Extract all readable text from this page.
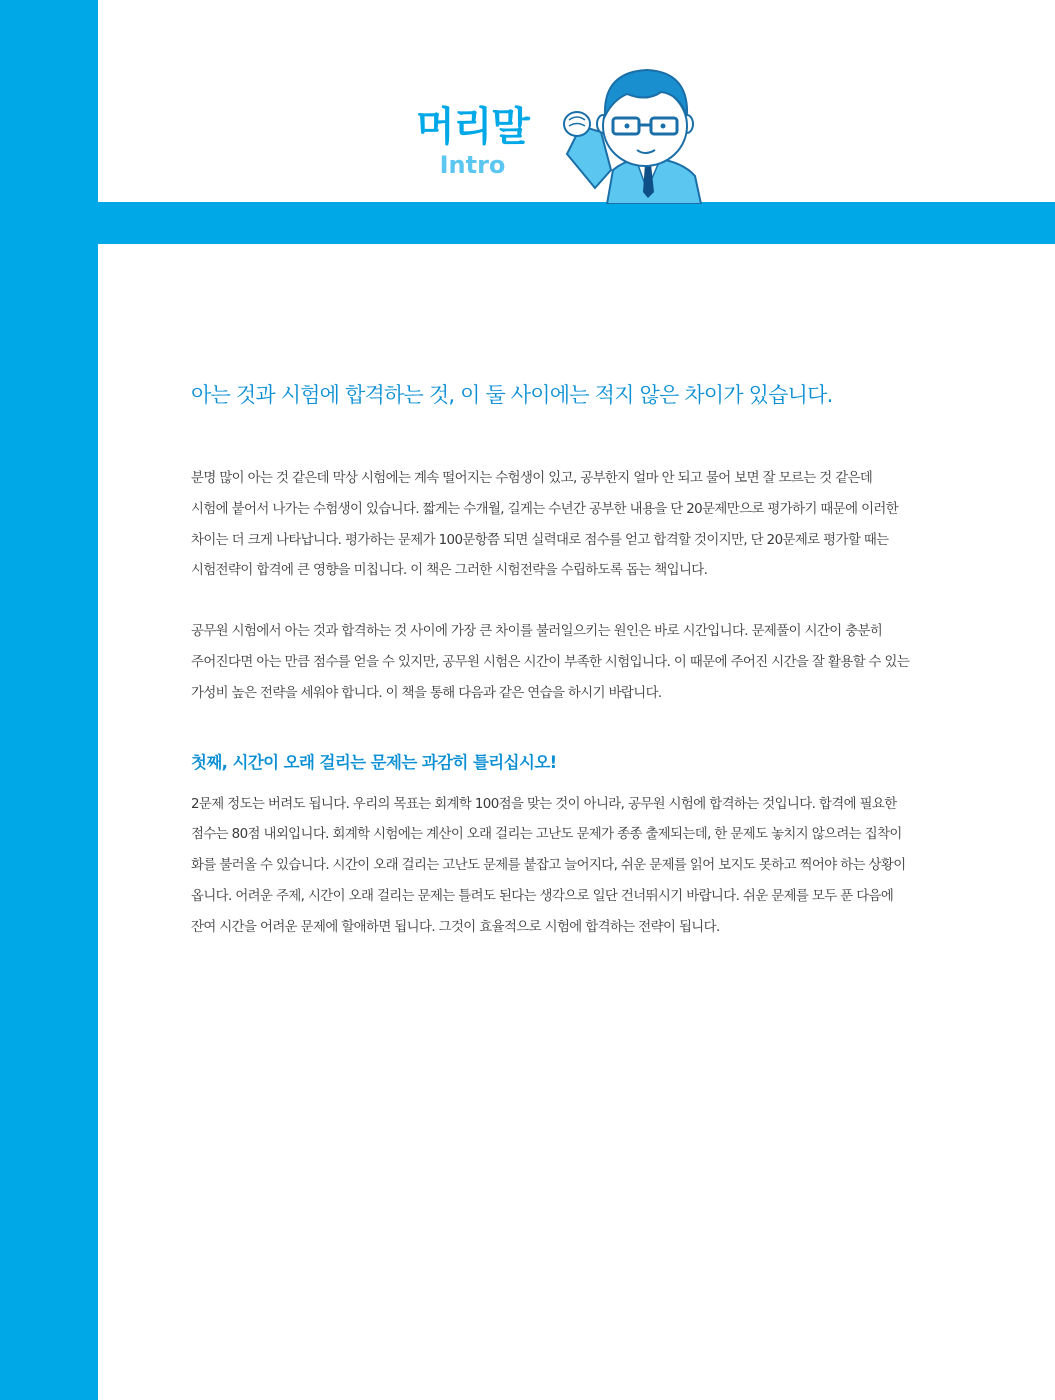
머리말
Intro
아는 것과 시험에 합격하는 것, 이 둘 사이에는 적지 않은 차이가 있습니다.

분명 많이 아는 것 같은데 막상 시험에는 계속 떨어지는 수험생이 있고, 공부한지 얼마 안 되고 물어 보면 잘 모르는 것 같은데 시험에 붙어서 나가는 수험생이 있습니다. 짧게는 수개월, 길게는 수년간 공부한 내용을 단 20문제만으로 평가하기 때문에 이러한 차이는 더 크게 나타납니다. 평가하는 문제가 100문항쯤 되면 실력대로 점수를 얻고 합격할 것이지만, 단 20문제로 평가할 때는 시험전략이 합격에 큰 영향을 미칩니다. 이 책은 그러한 시험전략을 수립하도록 돕는 책입니다.

공무원 시험에서 아는 것과 합격하는 것 사이에 가장 큰 차이를 불러일으키는 원인은 바로 시간입니다. 문제풀이 시간이 충분히 주어진다면 아는 만큼 점수를 얻을 수 있지만, 공무원 시험은 시간이 부족한 시험입니다. 이 때문에 주어진 시간을 잘 활용할 수 있는 가성비 높은 전략을 세워야 합니다. 이 책을 통해 다음과 같은 연습을 하시기 바랍니다.

첫째, 시간이 오래 걸리는 문제는 과감히 틀리십시오!

2문제 정도는 버려도 됩니다. 우리의 목표는 회계학 100점을 맞는 것이 아니라, 공무원 시험에 합격하는 것입니다. 합격에 필요한 점수는 80점 내외입니다. 회계학 시험에는 계산이 오래 걸리는 고난도 문제가 종종 출제되는데, 한 문제도 놓치지 않으려는 집착이 화를 불러올 수 있습니다. 시간이 오래 걸리는 고난도 문제를 붙잡고 늘어지다, 쉬운 문제를 읽어 보지도 못하고 찍어야 하는 상황이 옵니다. 어려운 주제, 시간이 오래 걸리는 문제는 틀려도 된다는 생각으로 일단 건너뛰시기 바랍니다. 쉬운 문제를 모두 푼 다음에 잔여 시간을 어려운 문제에 할애하면 됩니다. 그것이 효율적으로 시험에 합격하는 전략이 됩니다.
